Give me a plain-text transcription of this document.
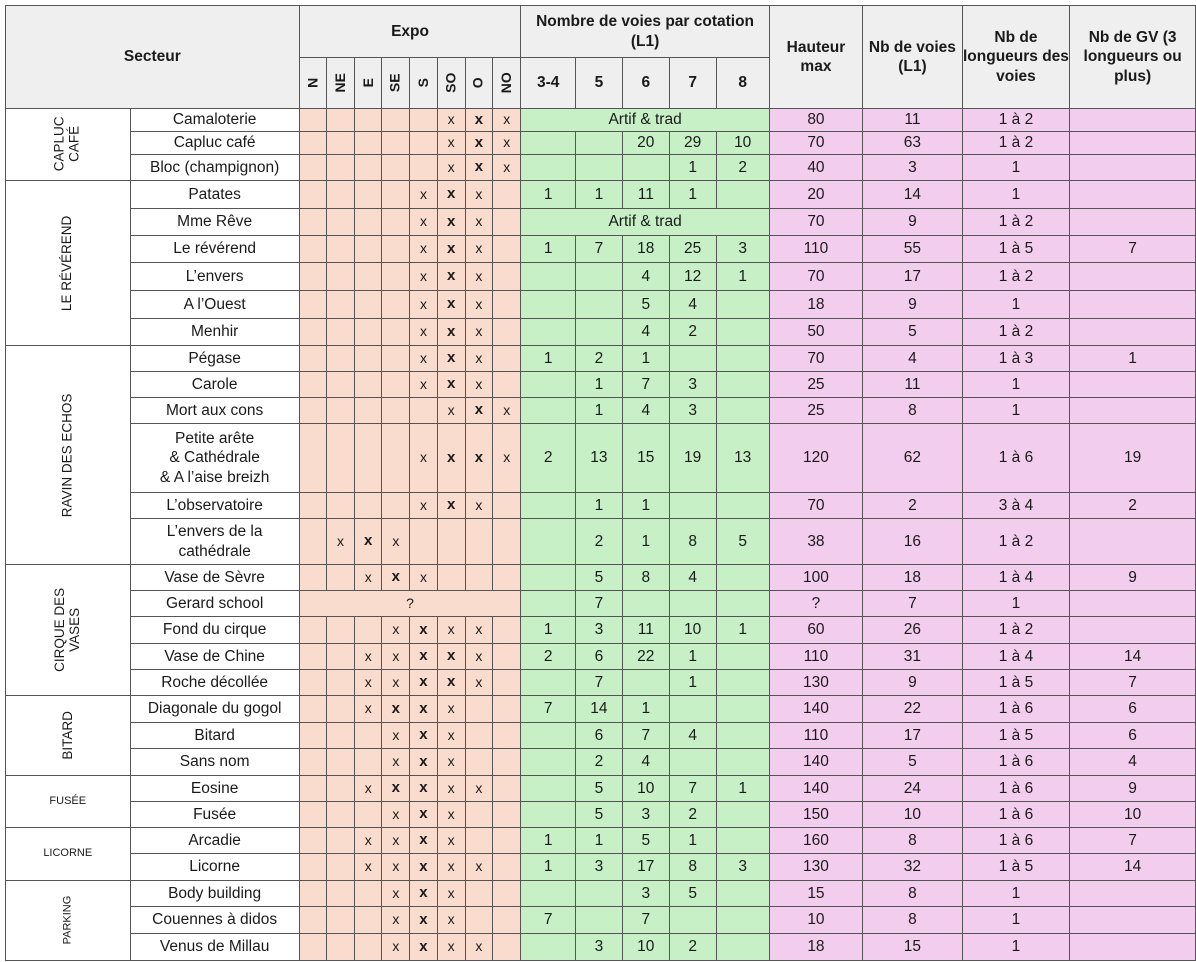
Secteur		Expo								Nombre de voies par cotation (L1)					Hauteur max	Nb de voies (L1)	Nb de longueurs des voies	Nb de GV (3 longueurs ou plus)
		N	NE	E	SE	S	SO	O	NO	3-4	5	6	7	8				

CAPLUC CAFÉ	Camaloterie						x	x	x	Artif & trad					80	11	1 à 2	
	Capluc café						x	x	x			20	29	10	70	63	1 à 2	
	Bloc (champignon)						x	x	x				1	2	40	3	1	

LE RÉVÉREND	Patates					x	x	x		1	1	11	1		20	14	1	
	Mme Rêve					x	x	x		Artif & trad					70	9	1 à 2	
	Le révérend					x	x	x		1	7	18	25	3	110	55	1 à 5	7
	L’envers					x	x	x				4	12	1	70	17	1 à 2	
	A l’Ouest					x	x	x				5	4		18	9	1	
	Menhir					x	x	x				4	2		50	5	1 à 2	

RAVIN DES ECHOS	Pégase					x	x	x		1	2	1			70	4	1 à 3	1
	Carole					x	x	x			1	7	3		25	11	1	
	Mort aux cons						x	x	x		1	4	3		25	8	1	

	Petite arête
& Cathédrale
& A l’aise breizh					x	x	x	x	2	13	15	19	13	120	62	1 à 6	19
	L’observatoire					x	x	x			1	1			70	2	3 à 4	2

	L’envers de la
cathédrale		x	x	x						2	1	8	5	38	16	1 à 2	

CIRQUE DES VASES	Vase de Sèvre			x	x	x					5	8	4		100	18	1 à 4	9
	Gerard school	?									7				?	7	1	
	Fond du cirque				x	x	x	x		1	3	11	10	1	60	26	1 à 2	
	Vase de Chine			x	x	x	x	x		2	6	22	1		110	31	1 à 4	14
	Roche décollée			x	x	x	x	x			7		1		130	9	1 à 5	7

BITARD	Diagonale du gogol			x	x	x	x			7	14	1			140	22	1 à 6	6
	Bitard				x	x	x				6	7	4		110	17	1 à 5	6
	Sans nom				x	x	x				2	4			140	5	1 à 6	4
FUSÉE	Eosine			x	x	x	x	x			5	10	7	1	140	24	1 à 6	9
	Fusée				x	x	x				5	3	2		150	10	1 à 6	10
LICORNE	Arcadie			x	x	x	x			1	1	5	1		160	8	1 à 6	7
	Licorne			x	x	x	x	x		1	3	17	8	3	130	32	1 à 5	14

PARKING	Body building				x	x	x					3	5		15	8	1	
	Couennes à didos				x	x	x			7		7			10	8	1	
	Venus de Millau				x	x	x	x			3	10	2		18	15	1	
